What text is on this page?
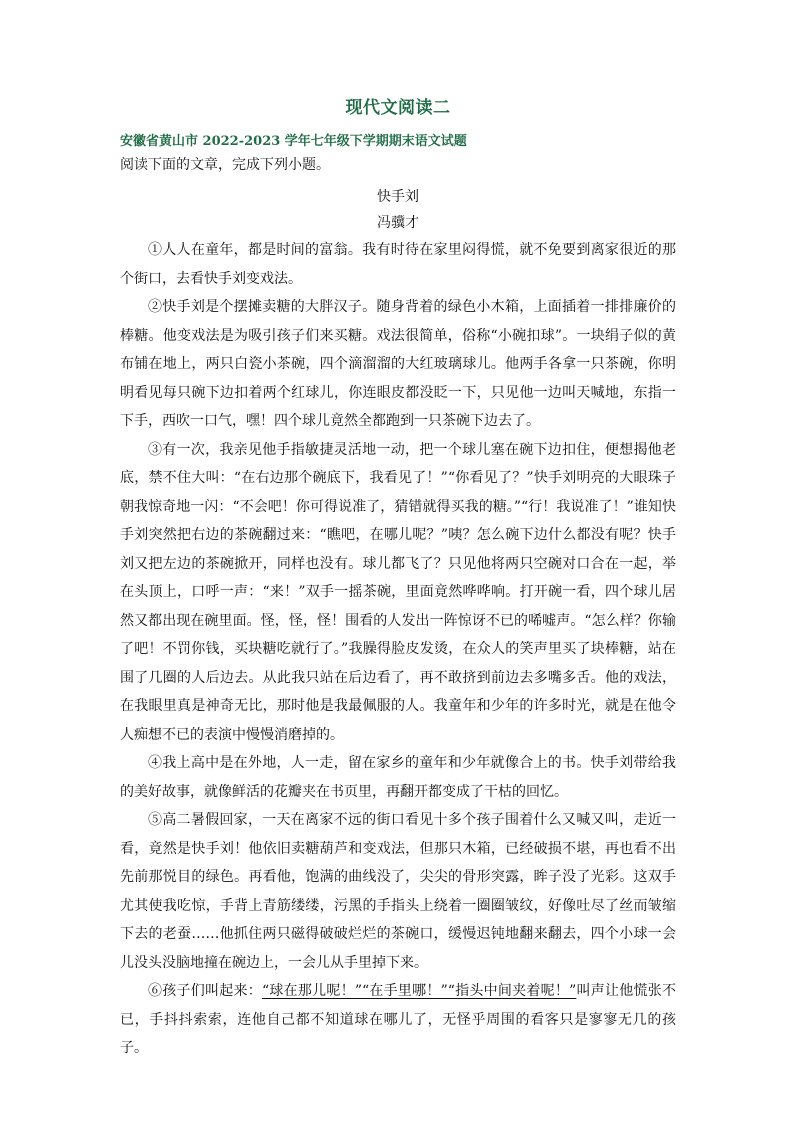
现代文阅读二

安徽省黄山市 2022-2023 学年七年级下学期期末语文试题

阅读下面的文章，完成下列小题。

快手刘

冯骥才

①人人在童年，都是时间的富翁。我有时待在家里闷得慌，就不免要到离家很近的那个街口，去看快手刘变戏法。

②快手刘是个摆摊卖糖的大胖汉子。随身背着的绿色小木箱，上面插着一排排廉价的棒糖。他变戏法是为吸引孩子们来买糖。戏法很简单，俗称“小碗扣球”。一块绢子似的黄布铺在地上，两只白瓷小茶碗，四个滴溜溜的大红玻璃球儿。他两手各拿一只茶碗，你明明看见每只碗下边扣着两个红球儿，你连眼皮都没眨一下，只见他一边叫天喊地，东指一下手，西吹一口气，嘿！四个球儿竟然全都跑到一只茶碗下边去了。

③有一次，我亲见他手指敏捷灵活地一动，把一个球儿塞在碗下边扣住，便想揭他老底，禁不住大叫：“在右边那个碗底下，我看见了！”“你看见了？”快手刘明亮的大眼珠子朝我惊奇地一闪：“不会吧！你可得说准了，猜错就得买我的糖。”“行！我说准了！”谁知快手刘突然把右边的茶碗翻过来：“瞧吧，在哪儿呢？”咦？怎么碗下边什么都没有呢？快手刘又把左边的茶碗掀开，同样也没有。球儿都飞了？只见他将两只空碗对口合在一起，举在头顶上，口呼一声：“来！”双手一摇茶碗，里面竟然哗哗响。打开碗一看，四个球儿居然又都出现在碗里面。怪，怪，怪！围看的人发出一阵惊讶不已的唏嘘声。“怎么样？你输了吧！不罚你钱，买块糖吃就行了。”我臊得脸皮发烫，在众人的笑声里买了块棒糖，站在围了几圈的人后边去。从此我只站在后边看了，再不敢挤到前边去多嘴多舌。他的戏法，在我眼里真是神奇无比，那时他是我最佩服的人。我童年和少年的许多时光，就是在他令人痴想不已的表演中慢慢消磨掉的。

④我上高中是在外地，人一走，留在家乡的童年和少年就像合上的书。快手刘带给我的美好故事，就像鲜活的花瓣夹在书页里，再翻开都变成了干枯的回忆。

⑤高二暑假回家，一天在离家不远的街口看见十多个孩子围着什么又喊又叫，走近一看，竟然是快手刘！他依旧卖糖葫芦和变戏法，但那只木箱，已经破损不堪，再也看不出先前那悦目的绿色。再看他，饱满的曲线没了，尖尖的骨形突露，眸子没了光彩。这双手尤其使我吃惊，手背上青筋缕缕，污黑的手指头上绕着一圈圈皱纹，好像吐尽了丝而皱缩下去的老蚕……他抓住两只磁得破破烂烂的茶碗口，缓慢迟钝地翻来翻去，四个小球一会儿没头没脑地撞在碗边上，一会儿从手里掉下来。

⑥孩子们叫起来：“球在那儿呢！”“在手里哪！”“指头中间夹着呢！”叫声让他慌张不已，手抖抖索索，连他自己都不知道球在哪儿了，无怪乎周围的看客只是寥寥无几的孩子。
